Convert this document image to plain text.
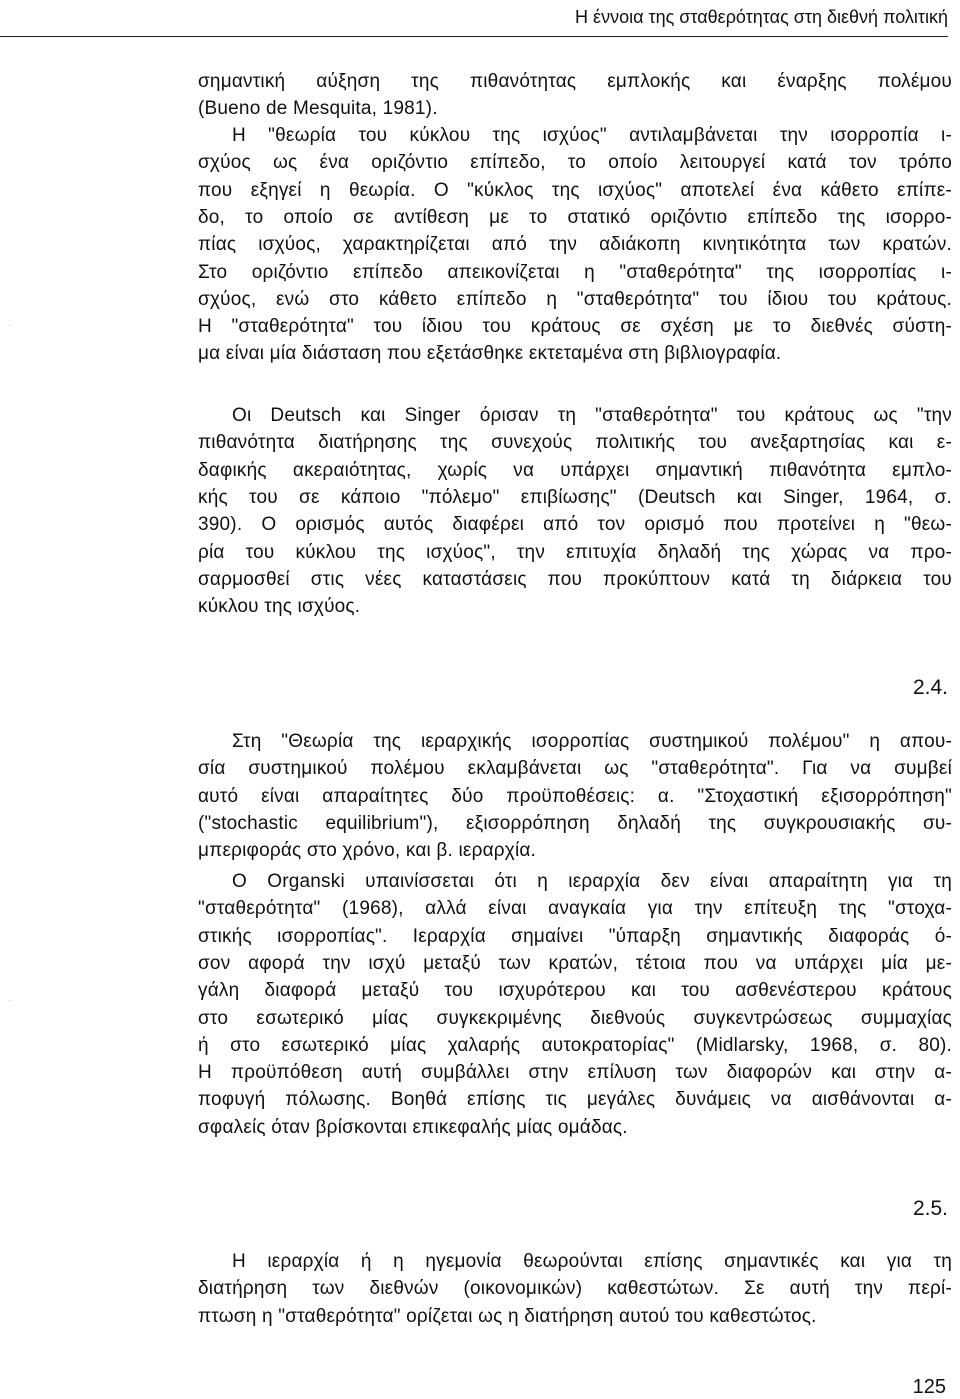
Η έννοια της σταθερότητας στη διεθνή πολιτική
·
·
σημαντική αύξηση της πιθανότητας εμπλοκής και έναρξης πολέμου
(Bueno de Mesquita, 1981).
Η "θεωρία του κύκλου της ισχύος" αντιλαμβάνεται την ισορροπία ι-
σχύος ως ένα οριζόντιο επίπεδο, το οποίο λειτουργεί κατά τον τρόπο
που εξηγεί η θεωρία. Ο "κύκλος της ισχύος" αποτελεί ένα κάθετο επίπε-
δο, το οποίο σε αντίθεση με το στατικό οριζόντιο επίπεδο της ισορρο-
πίας ισχύος, χαρακτηρίζεται από την αδιάκοπη κινητικότητα των κρατών.
Στο οριζόντιο επίπεδο απεικονίζεται η "σταθερότητα" της ισορροπίας ι-
σχύος, ενώ στο κάθετο επίπεδο η "σταθερότητα" του ίδιου του κράτους.
Η "σταθερότητα" του ίδιου του κράτους σε σχέση με το διεθνές σύστη-
μα είναι μία διάσταση που εξετάσθηκε εκτεταμένα στη βιβλιογραφία.
Οι Deutsch και Singer όρισαν τη "σταθερότητα" του κράτους ως "την
πιθανότητα διατήρησης της συνεχούς πολιτικής του ανεξαρτησίας και ε-
δαφικής ακεραιότητας, χωρίς να υπάρχει σημαντική πιθανότητα εμπλο-
κής του σε κάποιο "πόλεμο" επιβίωσης" (Deutsch και Singer, 1964, σ.
390). Ο ορισμός αυτός διαφέρει από τον ορισμό που προτείνει η "θεω-
ρία του κύκλου της ισχύος", την επιτυχία δηλαδή της χώρας να προ-
σαρμοσθεί στις νέες καταστάσεις που προκύπτουν κατά τη διάρκεια του
κύκλου της ισχύος.
Στη "Θεωρία της ιεραρχικής ισορροπίας συστημικού πολέμου" η απου-
σία συστημικού πολέμου εκλαμβάνεται ως "σταθερότητα". Για να συμβεί
αυτό είναι απαραίτητες δύο προϋποθέσεις: α. "Στοχαστική εξισορρόπηση"
("stochastic equilibrium"), εξισορρόπηση δηλαδή της συγκρουσιακής συ-
μπεριφοράς στο χρόνο, και β. ιεραρχία.
Ο Organski υπαινίσσεται ότι η ιεραρχία δεν είναι απαραίτητη για τη
"σταθερότητα" (1968), αλλά είναι αναγκαία για την επίτευξη της "στοχα-
στικής ισορροπίας". Ιεραρχία σημαίνει "ύπαρξη σημαντικής διαφοράς ό-
σον αφορά την ισχύ μεταξύ των κρατών, τέτοια που να υπάρχει μία με-
γάλη διαφορά μεταξύ του ισχυρότερου και του ασθενέστερου κράτους
στο εσωτερικό μίας συγκεκριμένης διεθνούς συγκεντρώσεως συμμαχίας
ή στο εσωτερικό μίας χαλαρής αυτοκρατορίας" (Midlarsky, 1968, σ. 80).
Η προϋπόθεση αυτή συμβάλλει στην επίλυση των διαφορών και στην α-
ποφυγή πόλωσης. Βοηθά επίσης τις μεγάλες δυνάμεις να αισθάνονται α-
σφαλείς όταν βρίσκονται επικεφαλής μίας ομάδας.
Η ιεραρχία ή η ηγεμονία θεωρούνται επίσης σημαντικές και για τη
διατήρηση των διεθνών (οικονομικών) καθεστώτων. Σε αυτή την περί-
πτωση η "σταθερότητα" ορίζεται ως η διατήρηση αυτού του καθεστώτος.
2.4.
2.5.
125
